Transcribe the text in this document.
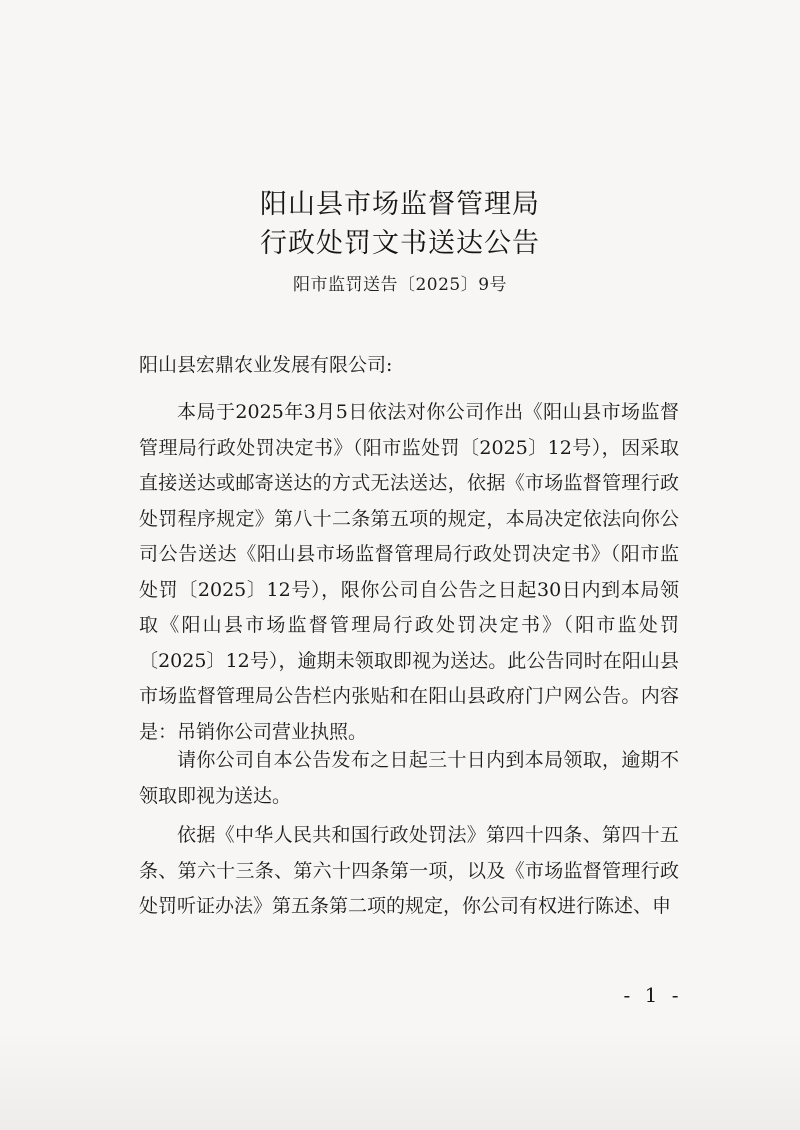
阳山县市场监督管理局
行政处罚文书送达公告
阳市监罚送告〔2025〕9号
阳山县宏鼎农业发展有限公司:

本局于2025年3月5日依法对你公司作出《阳山县市场监督管理局行政处罚决定书》（阳市监处罚〔2025〕12号），因采取直接送达或邮寄送达的方式无法送达，依据《市场监督管理行政处罚程序规定》第八十二条第五项的规定，本局决定依法向你公司公告送达《阳山县市场监督管理局行政处罚决定书》（阳市监处罚〔2025〕12号），限你公司自公告之日起30日内到本局领取《阳山县市场监督管理局行政处罚决定书》（阳市监处罚〔2025〕12号），逾期未领取即视为送达。此公告同时在阳山县市场监督管理局公告栏内张贴和在阳山县政府门户网公告。内容是：吊销你公司营业执照。

请你公司自本公告发布之日起三十日内到本局领取，逾期不领取即视为送达。

依据《中华人民共和国行政处罚法》第四十四条、第四十五条、第六十三条、第六十四条第一项，以及《市场监督管理行政处罚听证办法》第五条第二项的规定，你公司有权进行陈述、申

- 1 -
